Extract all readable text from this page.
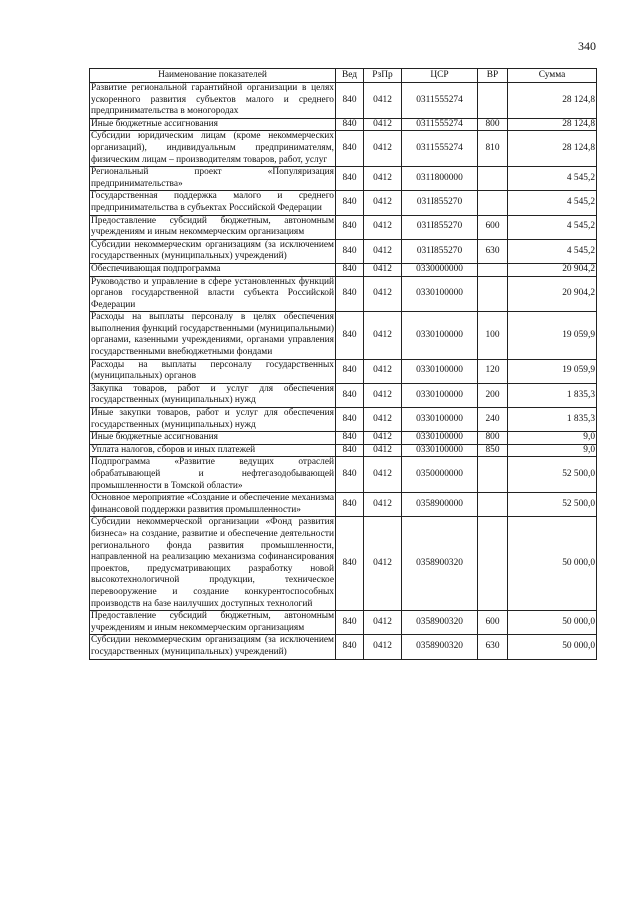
340
Наименование показателей	Вед	РзПр	ЦСР	ВР	Сумма
Развитие региональной гарантийной организации в целях ускоренного развития субъектов малого и среднего предпринимательства в моногородах	840	0412	0311555274		28 124,8
Иные бюджетные ассигнования	840	0412	0311555274	800	28 124,8
Субсидии юридическим лицам (кроме некоммерческих организаций), индивидуальным предпринимателям, физическим лицам – производителям товаров, работ, услуг	840	0412	0311555274	810	28 124,8
Региональный проект «Популяризация предпринимательства»	840	0412	0311800000		4 545,2
Государственная поддержка малого и среднего предпринимательства в субъектах Российской Федерации	840	0412	031I855270		4 545,2
Предоставление субсидий бюджетным, автономным учреждениям и иным некоммерческим организациям	840	0412	031I855270	600	4 545,2
Субсидии некоммерческим организациям (за исключением государственных (муниципальных) учреждений)	840	0412	031I855270	630	4 545,2
Обеспечивающая подпрограмма	840	0412	0330000000		20 904,2
Руководство и управление в сфере установленных функций органов государственной власти субъекта Российской Федерации	840	0412	0330100000		20 904,2
Расходы на выплаты персоналу в целях обеспечения выполнения функций государственными (муниципальными) органами, казенными учреждениями, органами управления государственными внебюджетными фондами	840	0412	0330100000	100	19 059,9
Расходы на выплаты персоналу государственных (муниципальных) органов	840	0412	0330100000	120	19 059,9
Закупка товаров, работ и услуг для обеспечения государственных (муниципальных) нужд	840	0412	0330100000	200	1 835,3
Иные закупки товаров, работ и услуг для обеспечения государственных (муниципальных) нужд	840	0412	0330100000	240	1 835,3
Иные бюджетные ассигнования	840	0412	0330100000	800	9,0
Уплата налогов, сборов и иных платежей	840	0412	0330100000	850	9,0
Подпрограмма «Развитие ведущих отраслей обрабатывающей и нефтегазодобывающей промышленности в Томской области»	840	0412	0350000000		52 500,0
Основное мероприятие «Создание и обеспечение механизма финансовой поддержки развития промышленности»	840	0412	0358900000		52 500,0
Субсидии некоммерческой организации «Фонд развития бизнеса» на создание, развитие и обеспечение деятельности регионального фонда развития промышленности, направленной на реализацию механизма софинансирования проектов, предусматривающих разработку новой высокотехнологичной продукции, техническое перевооружение и создание конкурентоспособных производств на базе наилучших доступных технологий	840	0412	0358900320		50 000,0
Предоставление субсидий бюджетным, автономным учреждениям и иным некоммерческим организациям	840	0412	0358900320	600	50 000,0
Субсидии некоммерческим организациям (за исключением государственных (муниципальных) учреждений)	840	0412	0358900320	630	50 000,0
